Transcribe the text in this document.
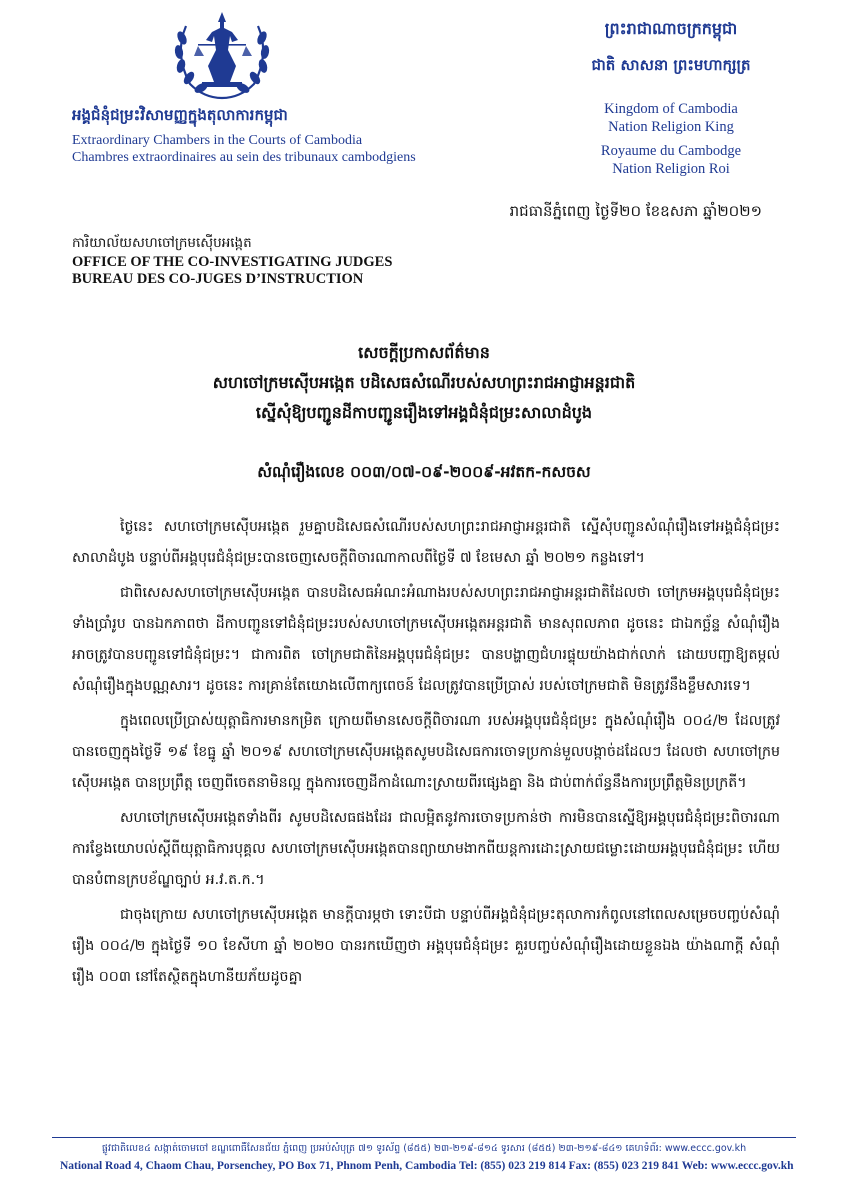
អង្គជំនុំជម្រះវិសាមញ្ញក្នុងតុលាការកម្ពុជា
Extraordinary Chambers in the Courts of Cambodia
Chambres extraordinaires au sein des tribunaux cambodgiens
ព្រះរាជាណាចក្រកម្ពុជា
ជាតិ សាសនា ព្រះមហាក្សត្រ
Kingdom of Cambodia
Nation Religion King
Royaume du Cambodge
Nation Religion Roi
រាជធានីភ្នំពេញ ថ្ងៃទី២០ ខែឧសភា ឆ្នាំ២០២១
ការិយាល័យសហចៅក្រមស៊ើបអង្កេត
OFFICE OF THE CO-INVESTIGATING JUDGES
BUREAU DES CO-JUGES D’INSTRUCTION
សេចក្តីប្រកាសព័ត៌មាន
សហចៅក្រមស៊ើបអង្កេត បដិសេធសំណើរបស់សហព្រះរាជអាជ្ញាអន្តរជាតិ
ស្នើសុំឱ្យបញ្ជូនដីកាបញ្ជូនរឿងទៅអង្គជំនុំជម្រះសាលាដំបូង
សំណុំរឿងលេខ ០០៣/០៧-០៩-២០០៩-អវតក-កសចស

ថ្ងៃនេះ សហចៅក្រមស៊ើបអង្កេត រួមគ្នាបដិសេធសំណើរបស់សហព្រះរាជអាជ្ញាអន្តរជាតិ ស្នើសុំបញ្ជូនសំណុំរឿងទៅអង្គជំនុំជម្រះសាលាដំបូង បន្ទាប់ពីអង្គបុរេជំនុំជម្រះបានចេញសេចក្តីពិចារណាកាលពីថ្ងៃទី ៧ ខែមេសា ឆ្នាំ ២០២១ កន្លងទៅ។

ជាពិសេសសហចៅក្រមស៊ើបអង្កេត បានបដិសេធអំណះអំណាងរបស់សហព្រះរាជអាជ្ញាអន្តរជាតិដែលថា ចៅក្រមអង្គបុរេជំនុំជម្រះទាំងប្រាំរូប បានឯកភាពថា ដីកាបញ្ជូនទៅជំនុំជម្រះរបស់សហចៅក្រមស៊ើបអង្កេតអន្តរជាតិ មានសុពលភាព ដូចនេះ ជាឯកច្ឆ័ន្ទ សំណុំរឿងអាចត្រូវបានបញ្ជូនទៅជំនុំជម្រះ។ ជាការពិត ចៅក្រមជាតិនៃអង្គបុរេជំនុំជម្រះ បានបង្ហាញជំហរផ្ទុយយ៉ាងជាក់លាក់ ដោយបញ្ជាឱ្យតម្កល់សំណុំរឿងក្នុងបណ្ណសារ។ ដូចនេះ ការគ្រាន់តែយោងលើពាក្យពេចន៍ ដែលត្រូវបានប្រើប្រាស់ របស់ចៅក្រមជាតិ មិនត្រូវនឹងខ្លឹមសារទេ។

ក្នុងពេលប្រើប្រាស់យុត្តាធិការមានកម្រិត ក្រោយពីមានសេចក្តីពិចារណា របស់អង្គបុរេជំនុំជម្រះ ក្នុងសំណុំរឿង ០០៤/២ ដែលត្រូវបានចេញក្នុងថ្ងៃទី ១៩ ខែធ្នូ ឆ្នាំ ២០១៩ សហចៅក្រមស៊ើបអង្កេតសូមបដិសេធការចោទប្រកាន់មួលបង្កាច់ដដែលៗ ដែលថា សហចៅក្រមស៊ើបអង្កេត បានប្រព្រឹត្ត ចេញពីចេតនាមិនល្អ ក្នុងការចេញដីកាដំណោះស្រាយពីរផ្សេងគ្នា និង ជាប់ពាក់ព័ន្ធនឹងការប្រព្រឹត្តមិនប្រក្រតី។

សហចៅក្រមស៊ើបអង្កេតទាំងពីរ សូមបដិសេធផងដែរ ជាលម្អិតនូវការចោទប្រកាន់ថា ការមិនបានស្នើឱ្យអង្គបុរេជំនុំជម្រះពិចារណាការខ្វែងយោបល់ស្តីពីយុត្តាធិការបុគ្គល សហចៅក្រមស៊ើបអង្កេតបានព្យាយាមងាកពីយន្តការដោះស្រាយជម្លោះដោយអង្គបុរេជំនុំជម្រះ ហើយ បានបំពានក្របខ័ណ្ឌច្បាប់ អ.វ.ត.ក.។

ជាចុងក្រោយ សហចៅក្រមស៊ើបអង្កេត មានក្តីបារម្ភថា ទោះបីជា បន្ទាប់ពីអង្គជំនុំជម្រះតុលាការកំពូលនៅពេលសម្រេចបញ្ចប់សំណុំរឿង ០០៤/២ ក្នុងថ្ងៃទី ១០ ខែសីហា ឆ្នាំ ២០២០ បានរកឃើញថា អង្គបុរេជំនុំជម្រះ គួរបញ្ចប់សំណុំរឿងដោយខ្លួនឯង យ៉ាងណាក្តី សំណុំរឿង ០០៣ នៅតែស្ថិតក្នុងហានីយភ័យដូចគ្នា

ផ្លូវជាតិលេខ៤ សង្កាត់ចោមចៅ ខណ្ឌពោធិ៍សែនជ័យ ភ្នំពេញ ប្រអប់សំបុត្រ ៧១ ទូរស័ព្ទ (៨៥៥) ២៣-២១៩-៨១៤ ទូរសារ (៨៥៥) ២៣-២១៩-៨៤១ គេហទំព័រ: www.eccc.gov.kh
National Road 4, Chaom Chau, Porsenchey, PO Box 71, Phnom Penh, Cambodia Tel: (855) 023 219 814 Fax: (855) 023 219 841 Web: www.eccc.gov.kh
